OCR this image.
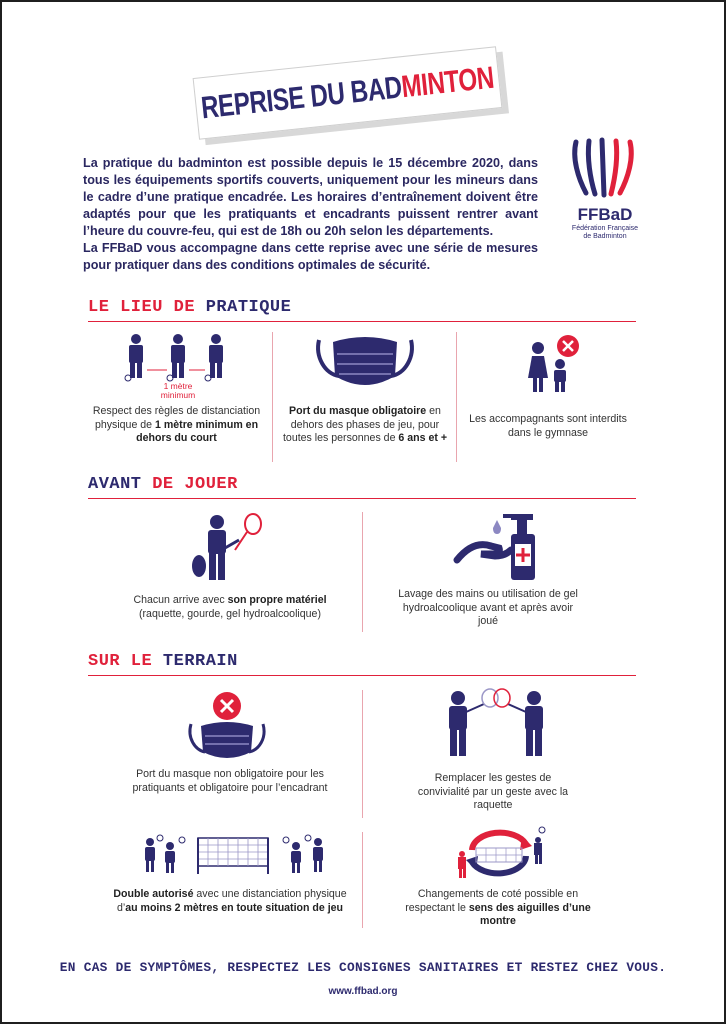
REPRISE DU BADMINTON

La pratique du badminton est possible depuis le 15 décembre 2020, dans tous les équipements sportifs couverts, uniquement pour les mineurs dans le cadre d’une pratique encadrée. Les horaires d’entraînement doivent être adaptés pour que les pratiquants et encadrants puissent rentrer avant l’heure du couvre-feu, qui est de 18h ou 20h selon les départements.

La FFBaD vous accompagne dans cette reprise avec une série de mesures pour pratiquer dans des conditions optimales de sécurité.

FFBaD
Fédération Française
de Badminton
LE LIEU DE PRATIQUE
1 mètre
minimum
Respect des règles de distanciation physique de 1 mètre minimum en dehors du court
Port du masque obligatoire en dehors des phases de jeu, pour toutes les personnes de 6 ans et +
Les accompagnants sont interdits dans le gymnase
AVANT DE JOUER
Chacun arrive avec son propre matériel
(raquette, gourde, gel hydroalcoolique)
Lavage des mains ou utilisation de gel hydroalcoolique avant et après avoir joué
SUR LE TERRAIN
Port du masque non obligatoire pour les pratiquants et obligatoire pour l’encadrant
Remplacer les gestes de convivialité par un geste avec la raquette
Double autorisé avec une distanciation physique d’au moins 2 mètres en toute situation de jeu
Changements de coté possible en respectant le sens des aiguilles d’une montre
EN CAS DE SYMPTÔMES, RESPECTEZ LES CONSIGNES SANITAIRES ET RESTEZ CHEZ VOUS.
www.ffbad.org
